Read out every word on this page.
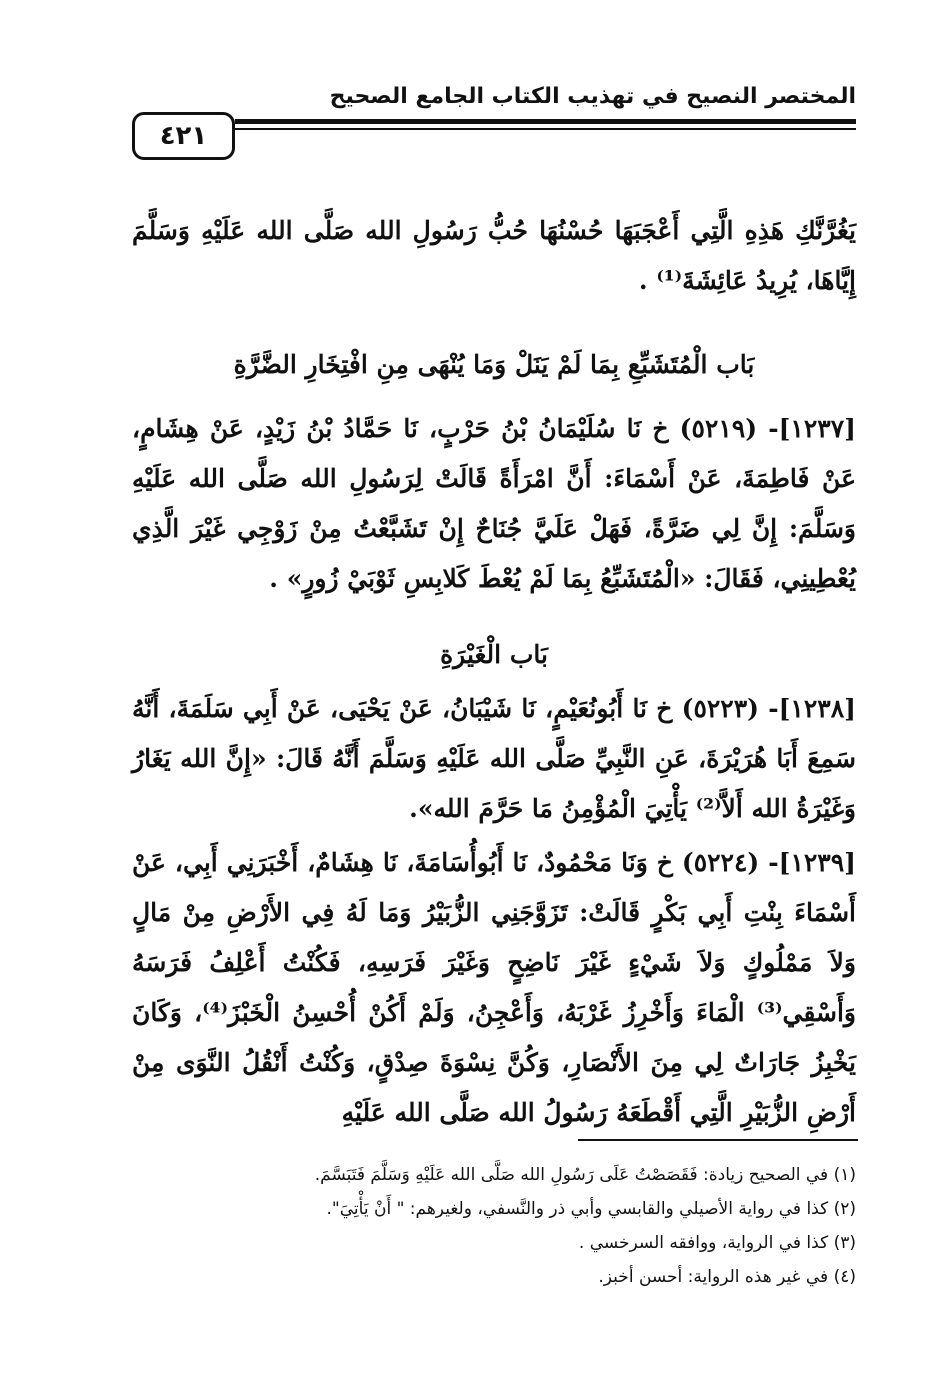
المختصر النصيح في تهذيب الكتاب الجامع الصحيح
٤٢١
يَغُرَّنَّكِ هَذِهِ الَّتِي أَعْجَبَهَا حُسْنُهَا حُبُّ رَسُولِ الله صَلَّى الله عَلَيْهِ وَسَلَّمَ إِيَّاهَا، يُرِيدُ عَائِشَةَ⁽¹⁾ .
بَاب الْمُتَشَبِّعِ بِمَا لَمْ يَنَلْ وَمَا يُنْهَى مِنِ افْتِخَارِ الضَّرَّةِ
[١٢٣٧]- (٥٢١٩) خ نَا سُلَيْمَانُ بْنُ حَرْبٍ، نَا حَمَّادُ بْنُ زَيْدٍ، عَنْ هِشَامٍ، عَنْ فَاطِمَةَ، عَنْ أَسْمَاءَ: أَنَّ امْرَأَةً قَالَتْ لِرَسُولِ الله صَلَّى الله عَلَيْهِ وَسَلَّمَ: إِنَّ لِي ضَرَّةً، فَهَلْ عَلَيَّ جُنَاحٌ إِنْ تَشَبَّعْتُ مِنْ زَوْجِي غَيْرَ الَّذِي يُعْطِينِي، فَقَالَ: «الْمُتَشَبِّعُ بِمَا لَمْ يُعْطَ كَلابِسِ ثَوْبَيْ زُورٍ» .
بَاب الْغَيْرَةِ
[١٢٣٨]- (٥٢٢٣) خ نَا أَبُونُعَيْمٍ، نَا شَيْبَانُ، عَنْ يَحْيَى، عَنْ أَبِي سَلَمَةَ، أَنَّهُ سَمِعَ أَبَا هُرَيْرَةَ، عَنِ النَّبِيِّ صَلَّى الله عَلَيْهِ وَسَلَّمَ أَنَّهُ قَالَ: «إِنَّ الله يَغَارُ وَغَيْرَةُ الله أَلاَّ⁽²⁾ يَأْتِيَ الْمُؤْمِنُ مَا حَرَّمَ الله».
[١٢٣٩]- (٥٢٢٤) خ وَنَا مَحْمُودٌ، نَا أَبُوأُسَامَةَ، نَا هِشَامٌ، أَخْبَرَنِي أَبِي، عَنْ أَسْمَاءَ بِنْتِ أَبِي بَكْرٍ قَالَتْ: تَزَوَّجَنِي الزُّبَيْرُ وَمَا لَهُ فِي الأَرْضِ مِنْ مَالٍ وَلاَ مَمْلُوكٍ وَلاَ شَيْءٍ غَيْرَ نَاضِحٍ وَغَيْرَ فَرَسِهِ، فَكُنْتُ أَعْلِفُ فَرَسَهُ وَأَسْقِي⁽³⁾ الْمَاءَ وَأَخْرِزُ غَرْبَهُ، وَأَعْجِنُ، وَلَمْ أَكُنْ أُحْسِنُ الْخَبْزَ⁽⁴⁾، وَكَانَ يَخْبِزُ جَارَاتٌ لِي مِنَ الأَنْصَارِ، وَكُنَّ نِسْوَةَ صِدْقٍ، وَكُنْتُ أَنْقُلُ النَّوَى مِنْ أَرْضِ الزُّبَيْرِ الَّتِي أَقْطَعَهُ رَسُولُ الله صَلَّى الله عَلَيْهِ
(١) في الصحيح زيادة: فَقَصَصْتُ عَلَى رَسُولِ الله صَلَّى الله عَلَيْهِ وَسَلَّمَ فَتَبَسَّمَ.
(٢) كذا في رواية الأصيلي والقابسي وأبي ذر والنَّسفي، ولغيرهم: " أَنْ يَأْتِيَ".
(٣) كذا في الرواية، ووافقه السرخسي .
(٤) في غير هذه الرواية: أحسن أخبز.
